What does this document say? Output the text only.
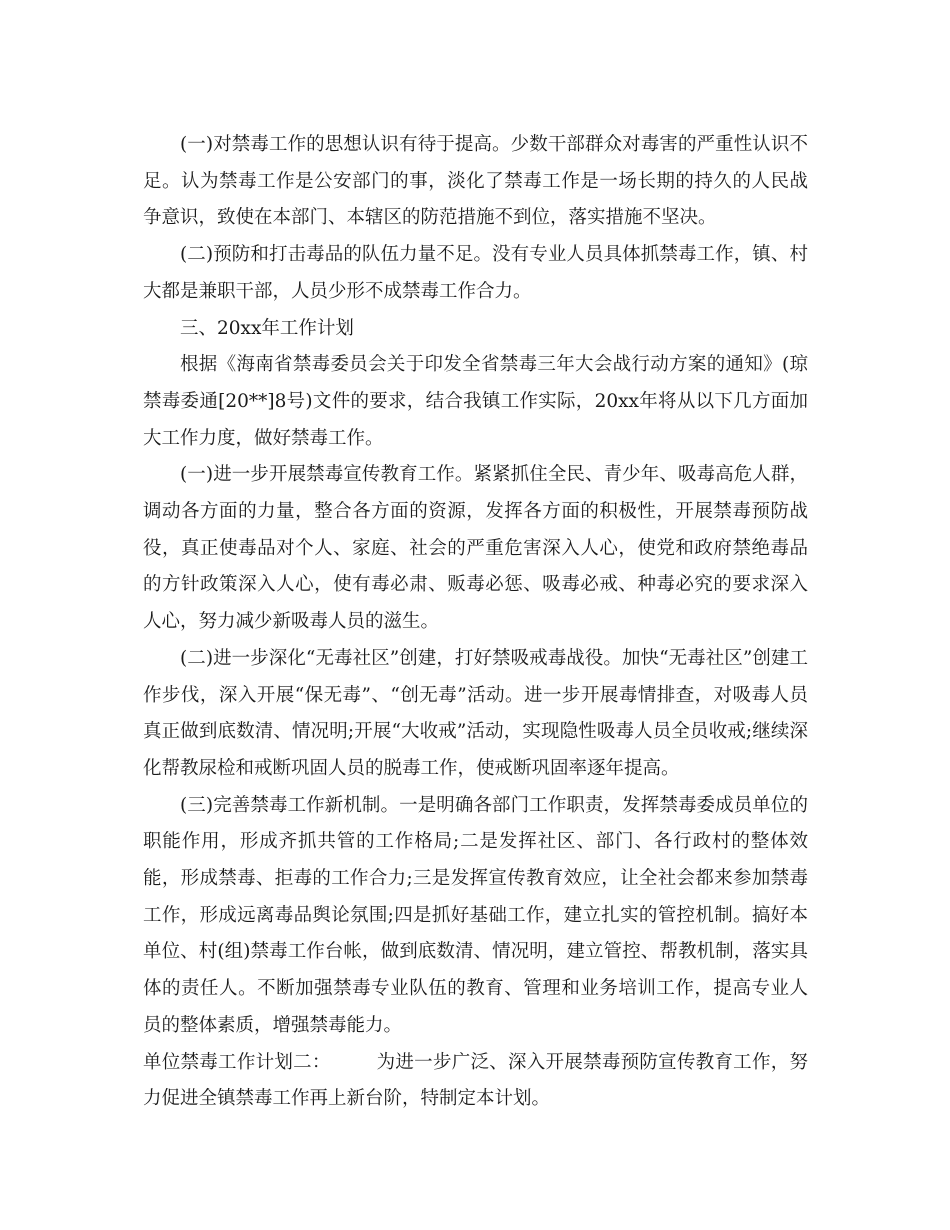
(一)对禁毒工作的思想认识有待于提高。少数干部群众对毒害的严重性认识不足。认为禁毒工作是公安部门的事，淡化了禁毒工作是一场长期的持久的人民战争意识，致使在本部门、本辖区的防范措施不到位，落实措施不坚决。

(二)预防和打击毒品的队伍力量不足。没有专业人员具体抓禁毒工作，镇、村大都是兼职干部，人员少形不成禁毒工作合力。

三、20xx年工作计划

根据《海南省禁毒委员会关于印发全省禁毒三年大会战行动方案的通知》(琼禁毒委通[20**]8号)文件的要求，结合我镇工作实际，20xx年将从以下几方面加大工作力度，做好禁毒工作。

(一)进一步开展禁毒宣传教育工作。紧紧抓住全民、青少年、吸毒高危人群，调动各方面的力量，整合各方面的资源，发挥各方面的积极性，开展禁毒预防战役，真正使毒品对个人、家庭、社会的严重危害深入人心，使党和政府禁绝毒品的方针政策深入人心，使有毒必肃、贩毒必惩、吸毒必戒、种毒必究的要求深入人心，努力减少新吸毒人员的滋生。

(二)进一步深化“无毒社区”创建，打好禁吸戒毒战役。加快“无毒社区”创建工作步伐，深入开展“保无毒”、“创无毒”活动。进一步开展毒情排查，对吸毒人员真正做到底数清、情况明;开展“大收戒”活动，实现隐性吸毒人员全员收戒;继续深化帮教尿检和戒断巩固人员的脱毒工作，使戒断巩固率逐年提高。

(三)完善禁毒工作新机制。一是明确各部门工作职责，发挥禁毒委成员单位的职能作用，形成齐抓共管的工作格局;二是发挥社区、部门、各行政村的整体效能，形成禁毒、拒毒的工作合力;三是发挥宣传教育效应，让全社会都来参加禁毒工作，形成远离毒品舆论氛围;四是抓好基础工作，建立扎实的管控机制。搞好本单位、村(组)禁毒工作台帐，做到底数清、情况明，建立管控、帮教机制，落实具体的责任人。不断加强禁毒专业队伍的教育、管理和业务培训工作，提高专业人员的整体素质，增强禁毒能力。

单位禁毒工作计划二： 为进一步广泛、深入开展禁毒预防宣传教育工作，努力促进全镇禁毒工作再上新台阶，特制定本计划。
